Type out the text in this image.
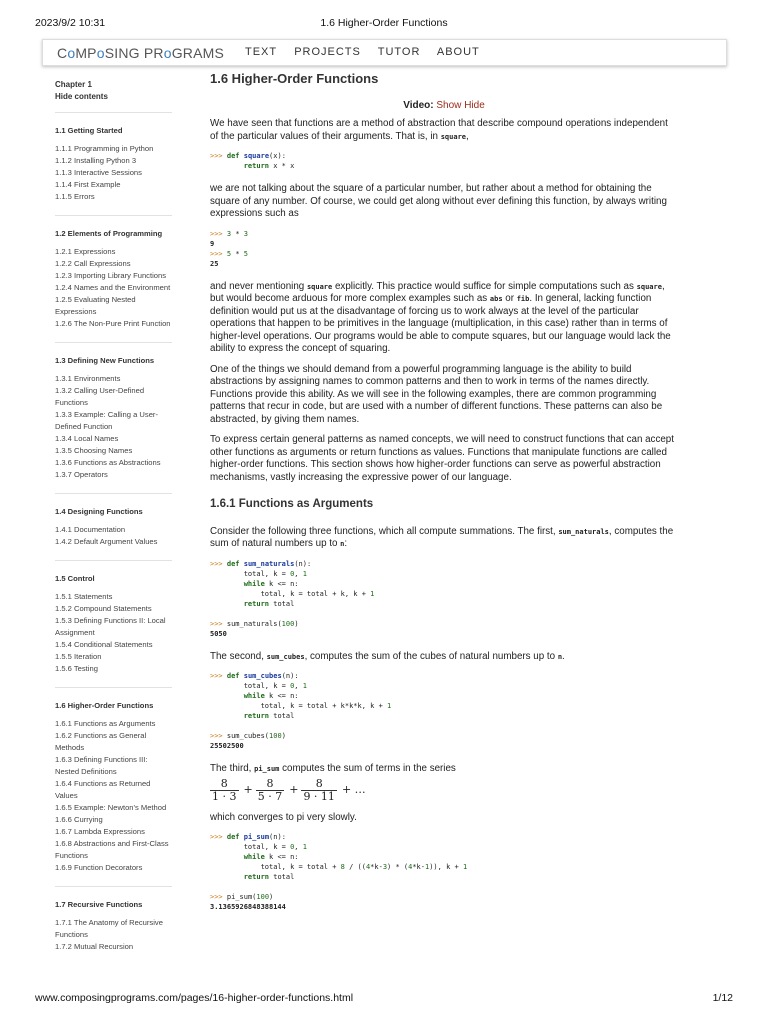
2023/9/2 10:31	1.6 Higher-Order Functions
CoMPoSING PRoGRAMS TEXT PROJECTS TUTOR ABOUT
Chapter 1
Hide contents
1.1 Getting Started
1.1.1 Programming in Python
1.1.2 Installing Python 3
1.1.3 Interactive Sessions
1.1.4 First Example
1.1.5 Errors
1.2 Elements of Programming
1.2.1 Expressions
1.2.2 Call Expressions
1.2.3 Importing Library Functions
1.2.4 Names and the Environment
1.2.5 Evaluating Nested Expressions
1.2.6 The Non-Pure Print Function
1.3 Defining New Functions
1.3.1 Environments
1.3.2 Calling User-Defined Functions
1.3.3 Example: Calling a User-Defined Function
1.3.4 Local Names
1.3.5 Choosing Names
1.3.6 Functions as Abstractions
1.3.7 Operators
1.4 Designing Functions
1.4.1 Documentation
1.4.2 Default Argument Values
1.5 Control
1.5.1 Statements
1.5.2 Compound Statements
1.5.3 Defining Functions II: Local Assignment
1.5.4 Conditional Statements
1.5.5 Iteration
1.5.6 Testing
1.6 Higher-Order Functions
1.6.1 Functions as Arguments
1.6.2 Functions as General Methods
1.6.3 Defining Functions III: Nested Definitions
1.6.4 Functions as Returned Values
1.6.5 Example: Newton's Method
1.6.6 Currying
1.6.7 Lambda Expressions
1.6.8 Abstractions and First-Class Functions
1.6.9 Function Decorators
1.7 Recursive Functions
1.7.1 The Anatomy of Recursive Functions
1.7.2 Mutual Recursion
1.6 Higher-Order Functions
Video: Show Hide

We have seen that functions are a method of abstraction that describe compound operations independent of the particular values of their arguments. That is, in square,

>>> def square(x):
return x * x

we are not talking about the square of a particular number, but rather about a method for obtaining the square of any number. Of course, we could get along without ever defining this function, by always writing expressions such as

>>> 3 * 3
9
>>> 5 * 5
25

and never mentioning square explicitly. This practice would suffice for simple computations such as square, but would become arduous for more complex examples such as abs or fib. In general, lacking function definition would put us at the disadvantage of forcing us to work always at the level of the particular operations that happen to be primitives in the language (multiplication, in this case) rather than in terms of higher-level operations. Our programs would be able to compute squares, but our language would lack the ability to express the concept of squaring.

One of the things we should demand from a powerful programming language is the ability to build abstractions by assigning names to common patterns and then to work in terms of the names directly. Functions provide this ability. As we will see in the following examples, there are common programming patterns that recur in code, but are used with a number of different functions. These patterns can also be abstracted, by giving them names.

To express certain general patterns as named concepts, we will need to construct functions that can accept other functions as arguments or return functions as values. Functions that manipulate functions are called higher-order functions. This section shows how higher-order functions can serve as powerful abstraction mechanisms, vastly increasing the expressive power of our language.

1.6.1 Functions as Arguments

Consider the following three functions, which all compute summations. The first, sum_naturals, computes the sum of natural numbers up to n:

>>> def sum_naturals(n):
total, k = 0, 1
while k <= n:
total, k = total + k, k + 1
return total

>>> sum_naturals(100)
5050

The second, sum_cubes, computes the sum of the cubes of natural numbers up to n.

>>> def sum_cubes(n):
total, k = 0, 1
while k <= n:
total, k = total + k*k*k, k + 1
return total

>>> sum_cubes(100)
25502500

The third, pi_sum computes the sum of terms in the series

$\frac{8}{1 \cdot 3} + \frac{8}{5 \cdot 7} + \frac{8}{9 \cdot 11}$ + …

which converges to pi very slowly.

>>> def pi_sum(n):
total, k = 0, 1
while k <= n:
total, k = total + 8 / ((4*k-3) * (4*k-1)), k + 1
return total

>>> pi_sum(100)
3.1365926848388144
www.composingprograms.com/pages/16-higher-order-functions.html	1/12
